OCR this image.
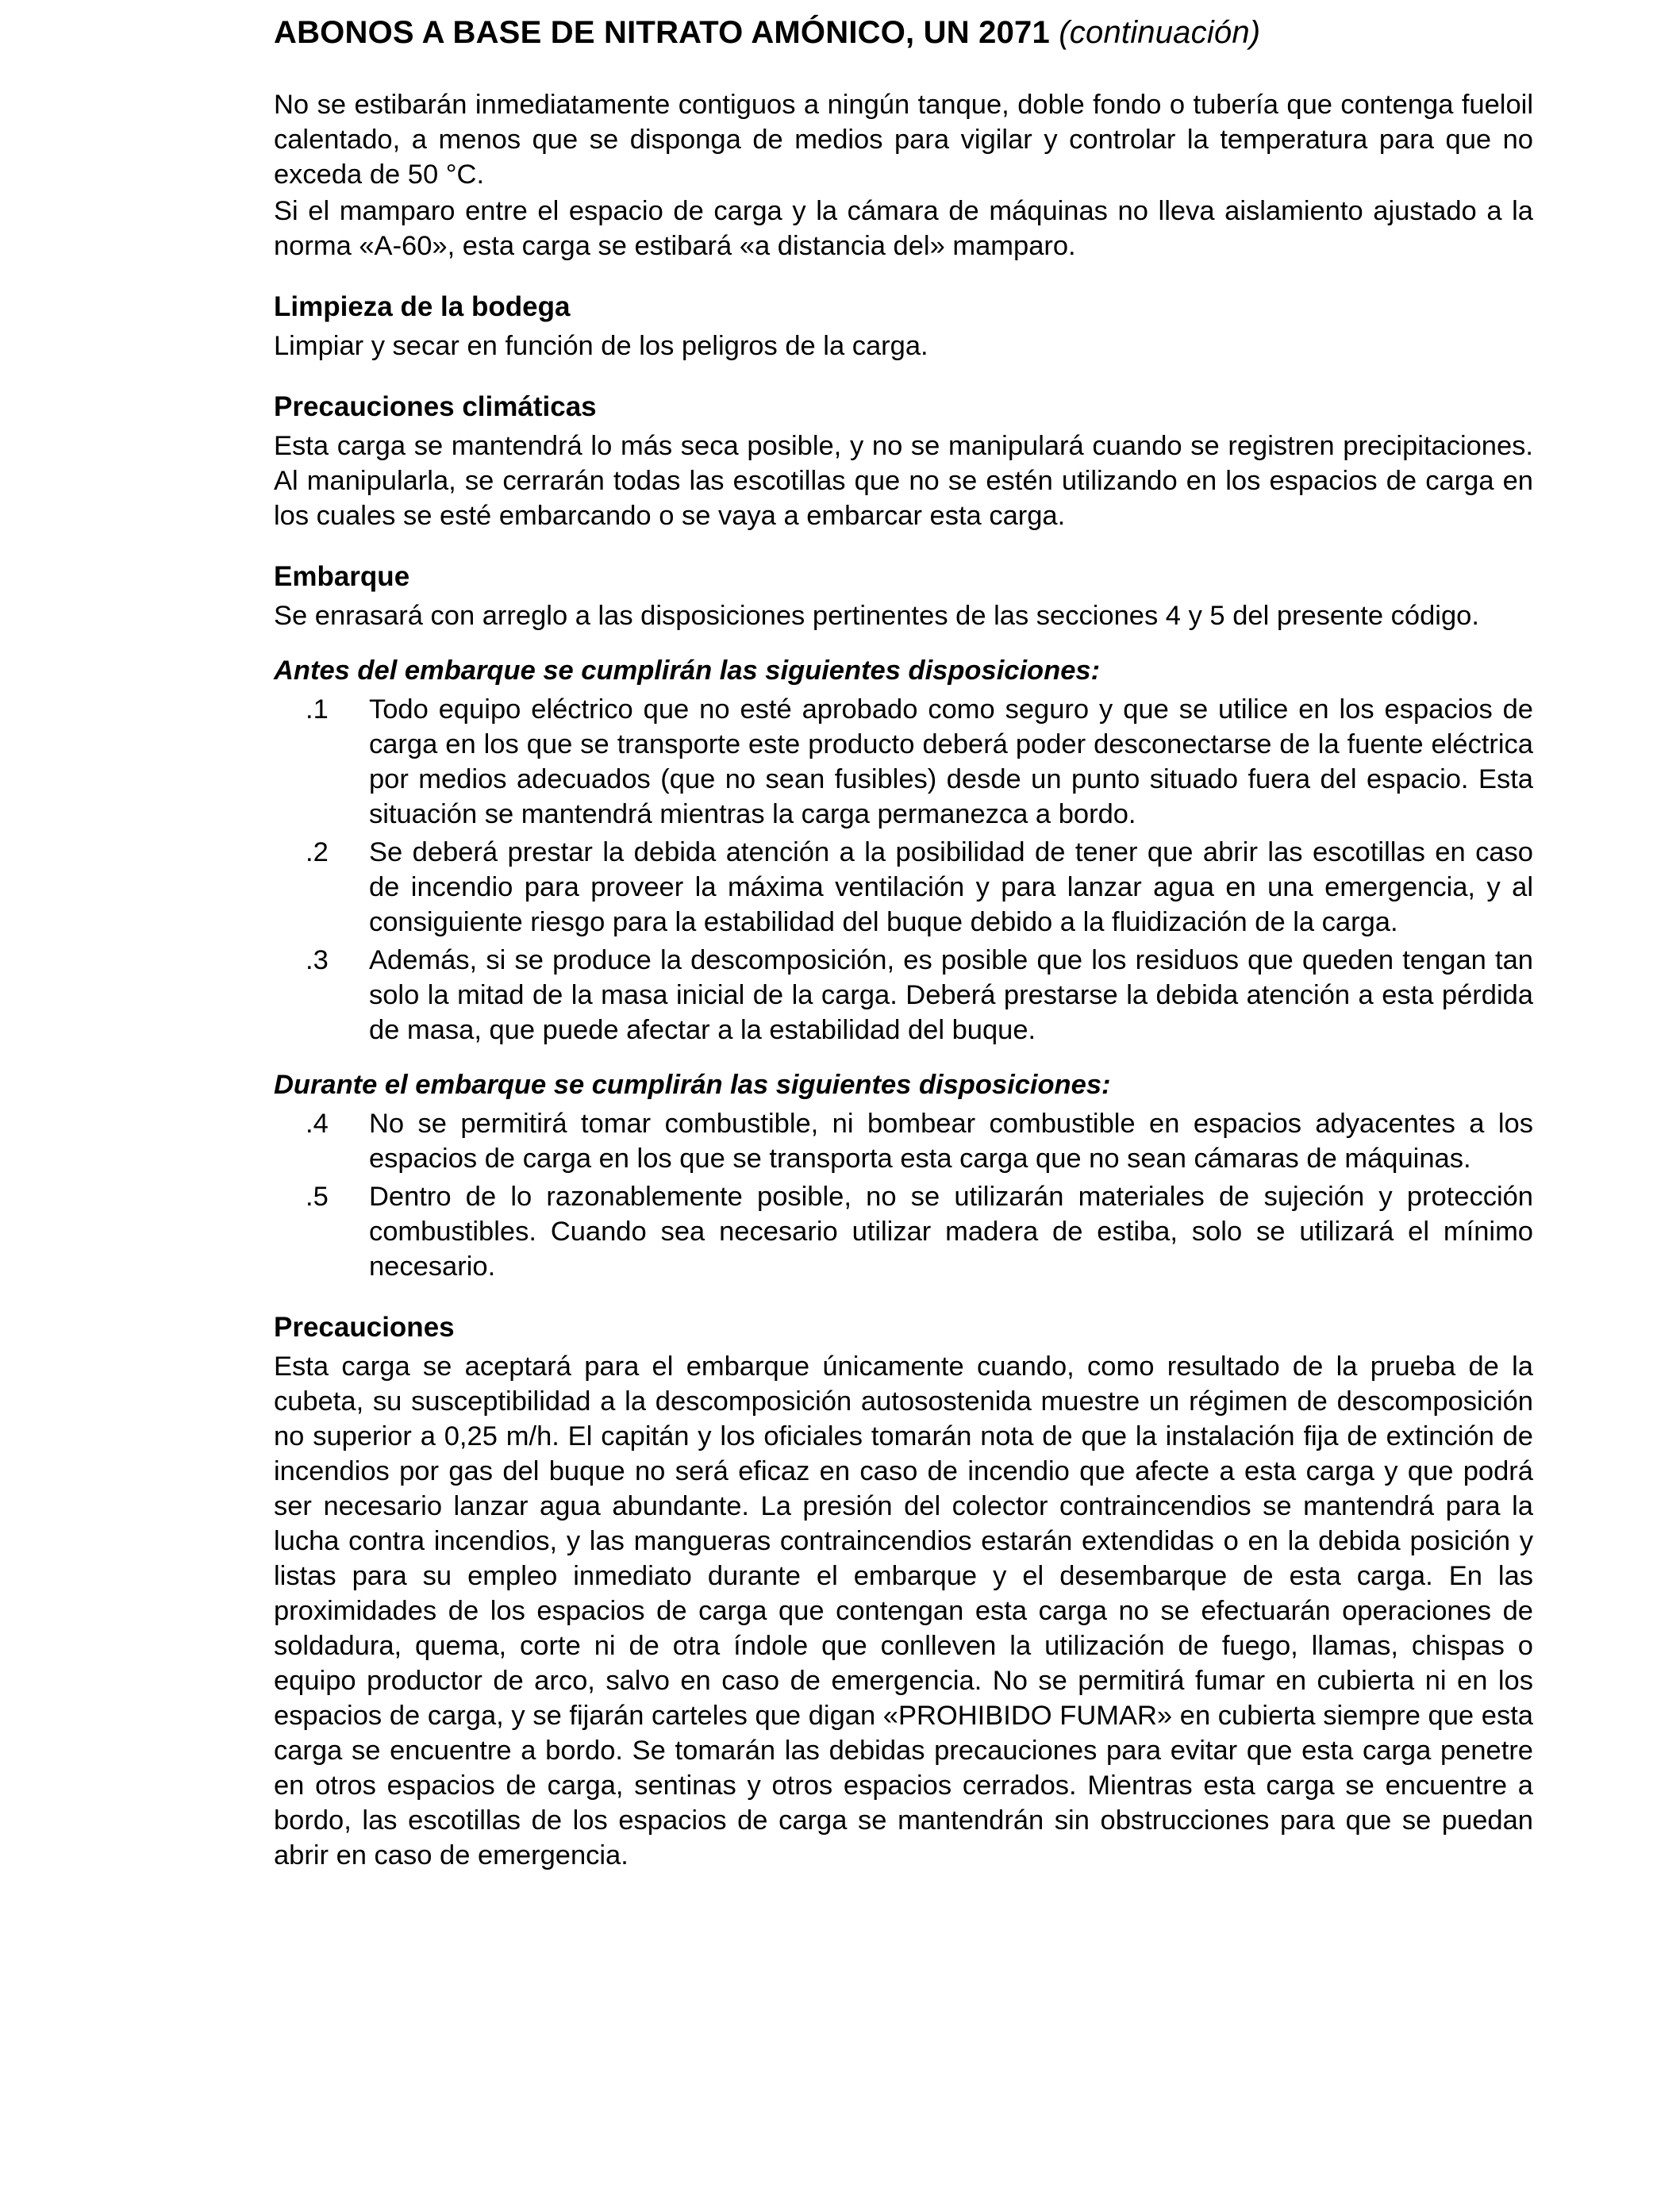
ABONOS A BASE DE NITRATO AMÓNICO, UN 2071 (continuación)

No se estibarán inmediatamente contiguos a ningún tanque, doble fondo o tubería que contenga fueloil calentado, a menos que se disponga de medios para vigilar y controlar la temperatura para que no exceda de 50 °C.

Si el mamparo entre el espacio de carga y la cámara de máquinas no lleva aislamiento ajustado a la norma «A-60», esta carga se estibará «a distancia del» mamparo.

Limpieza de la bodega

Limpiar y secar en función de los peligros de la carga.

Precauciones climáticas

Esta carga se mantendrá lo más seca posible, y no se manipulará cuando se registren precipitaciones. Al manipularla, se cerrarán todas las escotillas que no se estén utilizando en los espacios de carga en los cuales se esté embarcando o se vaya a embarcar esta carga.

Embarque

Se enrasará con arreglo a las disposiciones pertinentes de las secciones 4 y 5 del presente código.

Antes del embarque se cumplirán las siguientes disposiciones:
.1	Todo equipo eléctrico que no esté aprobado como seguro y que se utilice en los espacios de carga en los que se transporte este producto deberá poder desconectarse de la fuente eléctrica por medios adecuados (que no sean fusibles) desde un punto situado fuera del espacio. Esta situación se mantendrá mientras la carga permanezca a bordo.
.2	Se deberá prestar la debida atención a la posibilidad de tener que abrir las escotillas en caso de incendio para proveer la máxima ventilación y para lanzar agua en una emergencia, y al consiguiente riesgo para la estabilidad del buque debido a la fluidización de la carga.
.3	Además, si se produce la descomposición, es posible que los residuos que queden tengan tan solo la mitad de la masa inicial de la carga. Deberá prestarse la debida atención a esta pérdida de masa, que puede afectar a la estabilidad del buque.
Durante el embarque se cumplirán las siguientes disposiciones:
.4	No se permitirá tomar combustible, ni bombear combustible en espacios adyacentes a los espacios de carga en los que se transporta esta carga que no sean cámaras de máquinas.
.5	Dentro de lo razonablemente posible, no se utilizarán materiales de sujeción y protección combustibles. Cuando sea necesario utilizar madera de estiba, solo se utilizará el mínimo necesario.
Precauciones

Esta carga se aceptará para el embarque únicamente cuando, como resultado de la prueba de la cubeta, su susceptibilidad a la descomposición autosostenida muestre un régimen de descomposición no superior a 0,25 m/h. El capitán y los oficiales tomarán nota de que la instalación fija de extinción de incendios por gas del buque no será eficaz en caso de incendio que afecte a esta carga y que podrá ser necesario lanzar agua abundante. La presión del colector contraincendios se mantendrá para la lucha contra incendios, y las mangueras contraincendios estarán extendidas o en la debida posición y listas para su empleo inmediato durante el embarque y el desembarque de esta carga. En las proximidades de los espacios de carga que contengan esta carga no se efectuarán operaciones de soldadura, quema, corte ni de otra índole que conlleven la utilización de fuego, llamas, chispas o equipo productor de arco, salvo en caso de emergencia. No se permitirá fumar en cubierta ni en los espacios de carga, y se fijarán carteles que digan «PROHIBIDO FUMAR» en cubierta siempre que esta carga se encuentre a bordo. Se tomarán las debidas precauciones para evitar que esta carga penetre en otros espacios de carga, sentinas y otros espacios cerrados. Mientras esta carga se encuentre a bordo, las escotillas de los espacios de carga se mantendrán sin obstrucciones para que se puedan abrir en caso de emergencia.
